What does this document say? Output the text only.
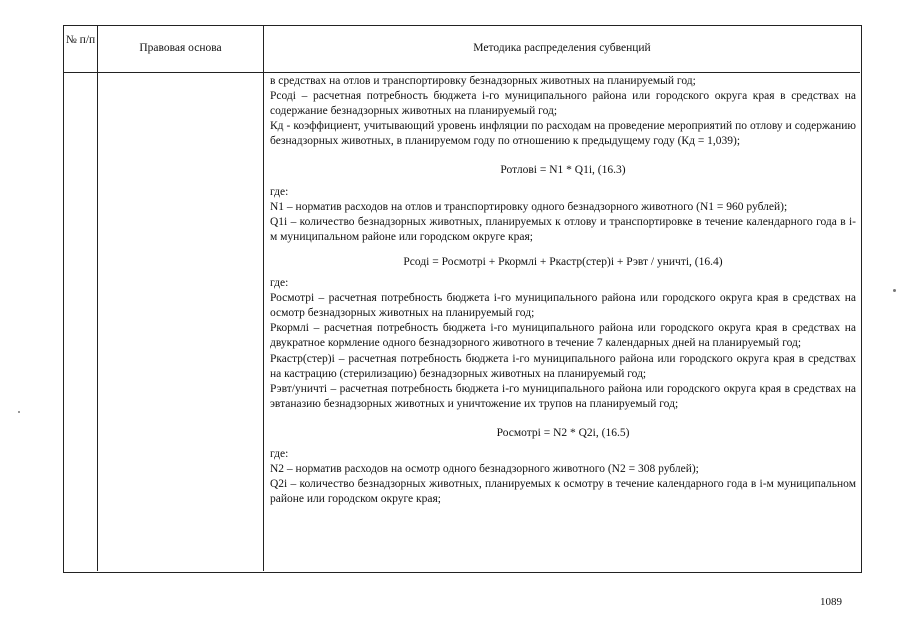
№ п/п
Правовая основа	Методика распределения субвенций
в средствах на отлов и транспортировку безнадзорных животных на планируемый год;
Рсодi – расчетная потребность бюджета i-го муниципального района или городского округа края в средствах на содержание безнадзорных животных на планируемый год;
Кд - коэффициент, учитывающий уровень инфляции по расходам на проведение мероприятий по отлову и содержанию безнадзорных животных, в планируемом году по отношению к предыдущему году (Кд = 1,039);
Ротловi = N1 * Q1i, (16.3)
где:
N1 – норматив расходов на отлов и транспортировку одного безнадзорного животного (N1 = 960 рублей);
Q1i – количество безнадзорных животных, планируемых к отлову и транспортировке в течение календарного года в i-м муниципальном районе или городском округе края;
Рсодi = Росмотрi + Ркормлi + Ркастр(стер)i + Рэвт / уничтi, (16.4)
где:
Росмотрi – расчетная потребность бюджета i-го муниципального района или городского округа края в средствах на осмотр безнадзорных животных на планируемый год;
Ркормлi – расчетная потребность бюджета i-го муниципального района или городского округа края в средствах на двукратное кормление одного безнадзорного животного в течение 7 календарных дней на планируемый год;
Ркастр(стер)i – расчетная потребность бюджета i-го муниципального района или городского округа края в средствах на кастрацию (стерилизацию) безнадзорных животных на планируемый год;
Рэвт/уничтi – расчетная потребность бюджета i-го муниципального района или городского округа края в средствах на эвтаназию безнадзорных животных и уничтожение их трупов на планируемый год;
Росмотрi = N2 * Q2i, (16.5)
где:
N2 – норматив расходов на осмотр одного безнадзорного животного (N2 = 308 рублей);
Q2i – количество безнадзорных животных, планируемых к осмотру в течение календарного года в i-м муниципальном районе или городском округе края;
1089
